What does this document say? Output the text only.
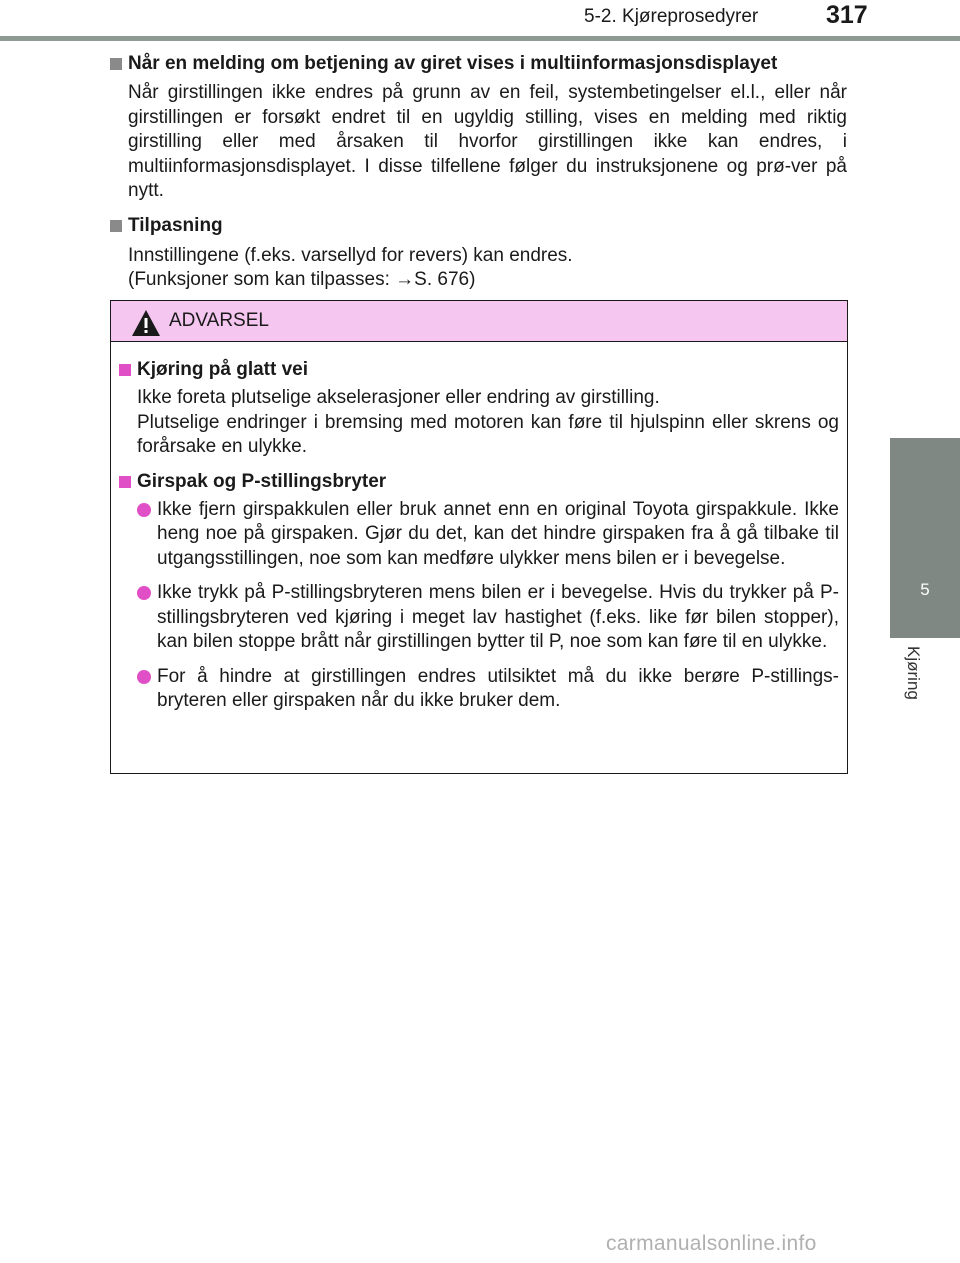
5-2. Kjøreprosedyrer	317
5
Kjøring
Når en melding om betjening av giret vises i multiinformasjonsdisplayet

Når girstillingen ikke endres på grunn av en feil, systembetingelser el.l., eller når girstillingen er forsøkt endret til en ugyldig stilling, vises en melding med riktig girstilling eller med årsaken til hvorfor girstillingen ikke kan endres, i multiinformasjonsdisplayet. I disse tilfellene følger du instruksjonene og prø-ver på nytt.

Tilpasning

Innstillingene (f.eks. varsellyd for revers) kan endres.
(Funksjoner som kan tilpasses: →S. 676)

ADVARSEL
Kjøring på glatt vei
Ikke foreta plutselige akselerasjoner eller endring av girstilling.
Plutselige endringer i bremsing med motoren kan føre til hjulspinn eller skrens og forårsake en ulykke.
Girspak og P-stillingsbryter
Ikke fjern girspakkulen eller bruk annet enn en original Toyota girspakkule. Ikke heng noe på girspaken. Gjør du det, kan det hindre girspaken fra å gå tilbake til utgangsstillingen, noe som kan medføre ulykker mens bilen er i bevegelse.
Ikke trykk på P-stillingsbryteren mens bilen er i bevegelse. Hvis du trykker på P-stillingsbryteren ved kjøring i meget lav hastighet (f.eks. like før bilen stopper), kan bilen stoppe brått når girstillingen bytter til P, noe som kan føre til en ulykke.
For å hindre at girstillingen endres utilsiktet må du ikke berøre P-stillings-bryteren eller girspaken når du ikke bruker dem.
carmanualsonline.info
